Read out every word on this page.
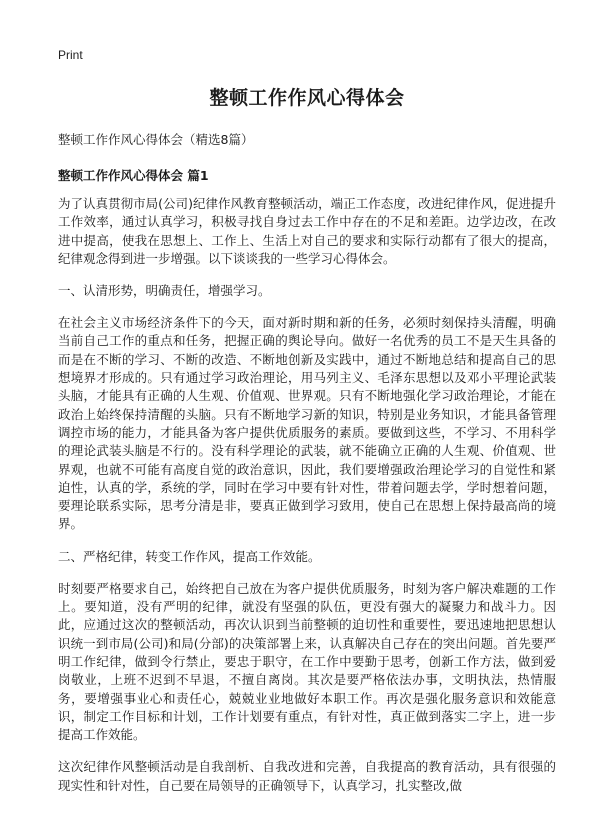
Print
整顿工作作风心得体会
整顿工作作风心得体会（精选8篇）
整顿工作作风心得体会 篇1

为了认真贯彻市局(公司)纪律作风教育整顿活动，端正工作态度，改进纪律作风，促进提升工作效率，通过认真学习，积极寻找自身过去工作中存在的不足和差距。边学边改，在改进中提高，使我在思想上、工作上、生活上对自己的要求和实际行动都有了很大的提高，纪律观念得到进一步增强。以下谈谈我的一些学习心得体会。

一、认清形势，明确责任，增强学习。

在社会主义市场经济条件下的今天，面对新时期和新的任务，必须时刻保持头清醒，明确当前自己工作的重点和任务，把握正确的舆论导向。做好一名优秀的员工不是天生具备的而是在不断的学习、不断的改造、不断地创新及实践中，通过不断地总结和提高自己的思想境界才形成的。只有通过学习政治理论，用马列主义、毛泽东思想以及邓小平理论武装头脑，才能具有正确的人生观、价值观、世界观。只有不断地强化学习政治理论，才能在政治上始终保持清醒的头脑。只有不断地学习新的知识，特别是业务知识，才能具备管理调控市场的能力，才能具备为客户提供优质服务的素质。要做到这些，不学习、不用科学的理论武装头脑是不行的。没有科学理论的武装，就不能确立正确的人生观、价值观、世界观，也就不可能有高度自觉的政治意识，因此，我们要增强政治理论学习的自觉性和紧迫性，认真的学，系统的学，同时在学习中要有针对性，带着问题去学，学时想着问题，要理论联系实际，思考分清是非，要真正做到学习致用，使自己在思想上保持最高尚的境界。

二、严格纪律，转变工作作风，提高工作效能。

时刻要严格要求自己，始终把自己放在为客户提供优质服务，时刻为客户解决难题的工作上。要知道，没有严明的纪律，就没有坚强的队伍，更没有强大的凝聚力和战斗力。因此，应通过这次的整顿活动，再次认识到当前整顿的迫切性和重要性，要迅速地把思想认识统一到市局(公司)和局(分部)的决策部署上来，认真解决自己存在的突出问题。首先要严明工作纪律，做到令行禁止，要忠于职守，在工作中要勤于思考，创新工作方法，做到爱岗敬业，上班不迟到不早退，不擅自离岗。其次是要严格依法办事，文明执法，热情服务，要增强事业心和责任心，兢兢业业地做好本职工作。再次是强化服务意识和效能意识，制定工作目标和计划，工作计划要有重点，有针对性，真正做到落实二字上，进一步提高工作效能。

这次纪律作风整顿活动是自我剖析、自我改进和完善，自我提高的教育活动，具有很强的现实性和针对性，自己要在局领导的正确领导下，认真学习，扎实整改,做
